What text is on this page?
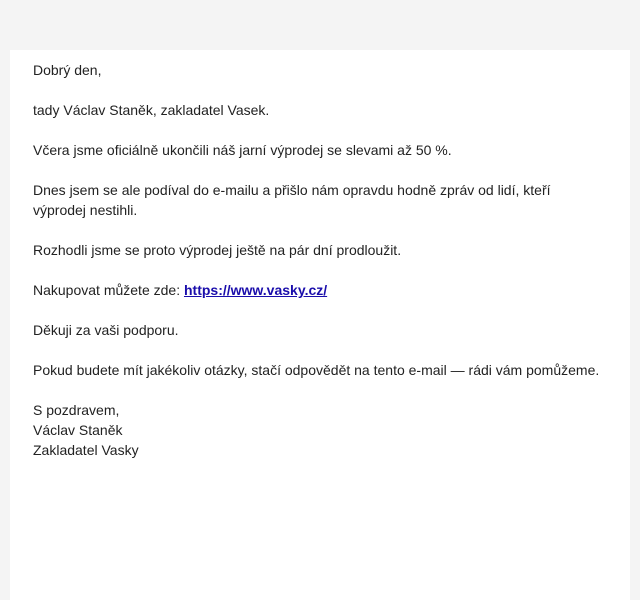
Dobrý den,

tady Václav Staněk, zakladatel Vasek.

Včera jsme oficiálně ukončili náš jarní výprodej se slevami až 50 %.

Dnes jsem se ale podíval do e-mailu a přišlo nám opravdu hodně zpráv od lidí, kteří výprodej nestihli.

Rozhodli jsme se proto výprodej ještě na pár dní prodloužit.

Nakupovat můžete zde: https://www.vasky.cz/

Děkuji za vaši podporu.

Pokud budete mít jakékoliv otázky, stačí odpovědět na tento e-mail — rádi vám pomůžeme.

S pozdravem,

Václav Staněk

Zakladatel Vasky
